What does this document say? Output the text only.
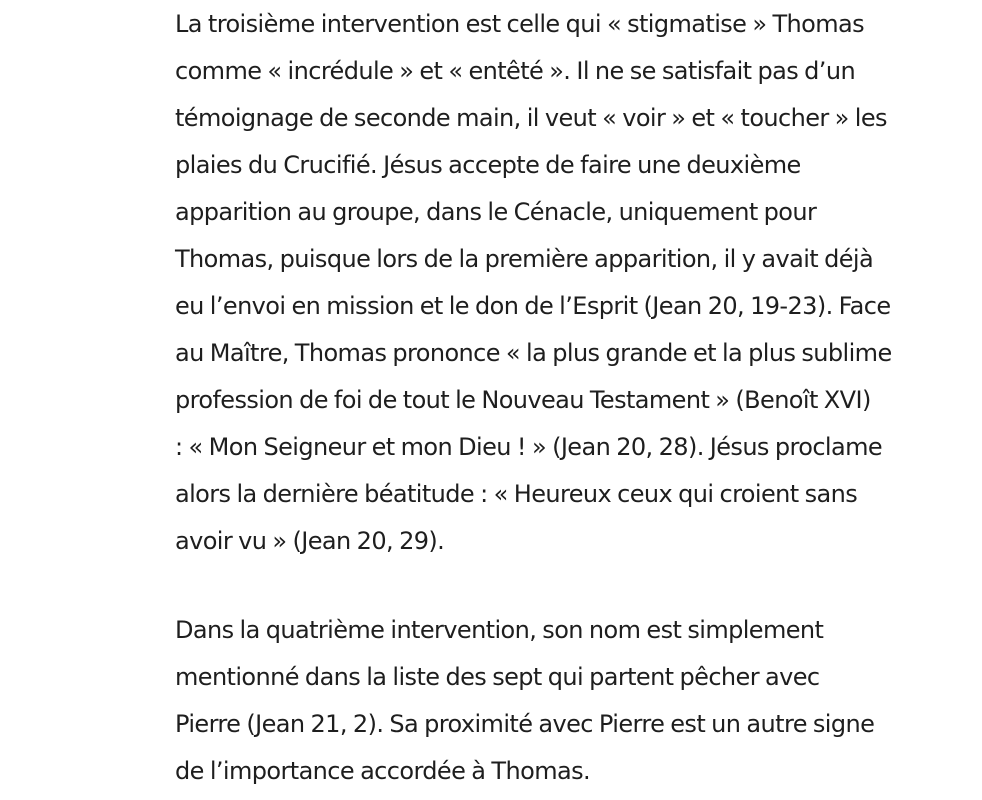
La troisième intervention est celle qui « stigmatise » Thomas
comme « incrédule » et « entêté ». Il ne se satisfait pas d’un
témoignage de seconde main, il veut « voir » et « toucher » les
plaies du Crucifié. Jésus accepte de faire une deuxième
apparition au groupe, dans le Cénacle, uniquement pour
Thomas, puisque lors de la première apparition, il y avait déjà
eu l’envoi en mission et le don de l’Esprit (Jean 20, 19-23). Face
au Maître, Thomas prononce « la plus grande et la plus sublime
profession de foi de tout le Nouveau Testament » (Benoît XVI)
: « Mon Seigneur et mon Dieu ! » (Jean 20, 28). Jésus proclame
alors la dernière béatitude : « Heureux ceux qui croient sans
avoir vu » (Jean 20, 29).
Dans la quatrième intervention, son nom est simplement
mentionné dans la liste des sept qui partent pêcher avec
Pierre (Jean 21, 2). Sa proximité avec Pierre est un autre signe
de l’importance accordée à Thomas.
